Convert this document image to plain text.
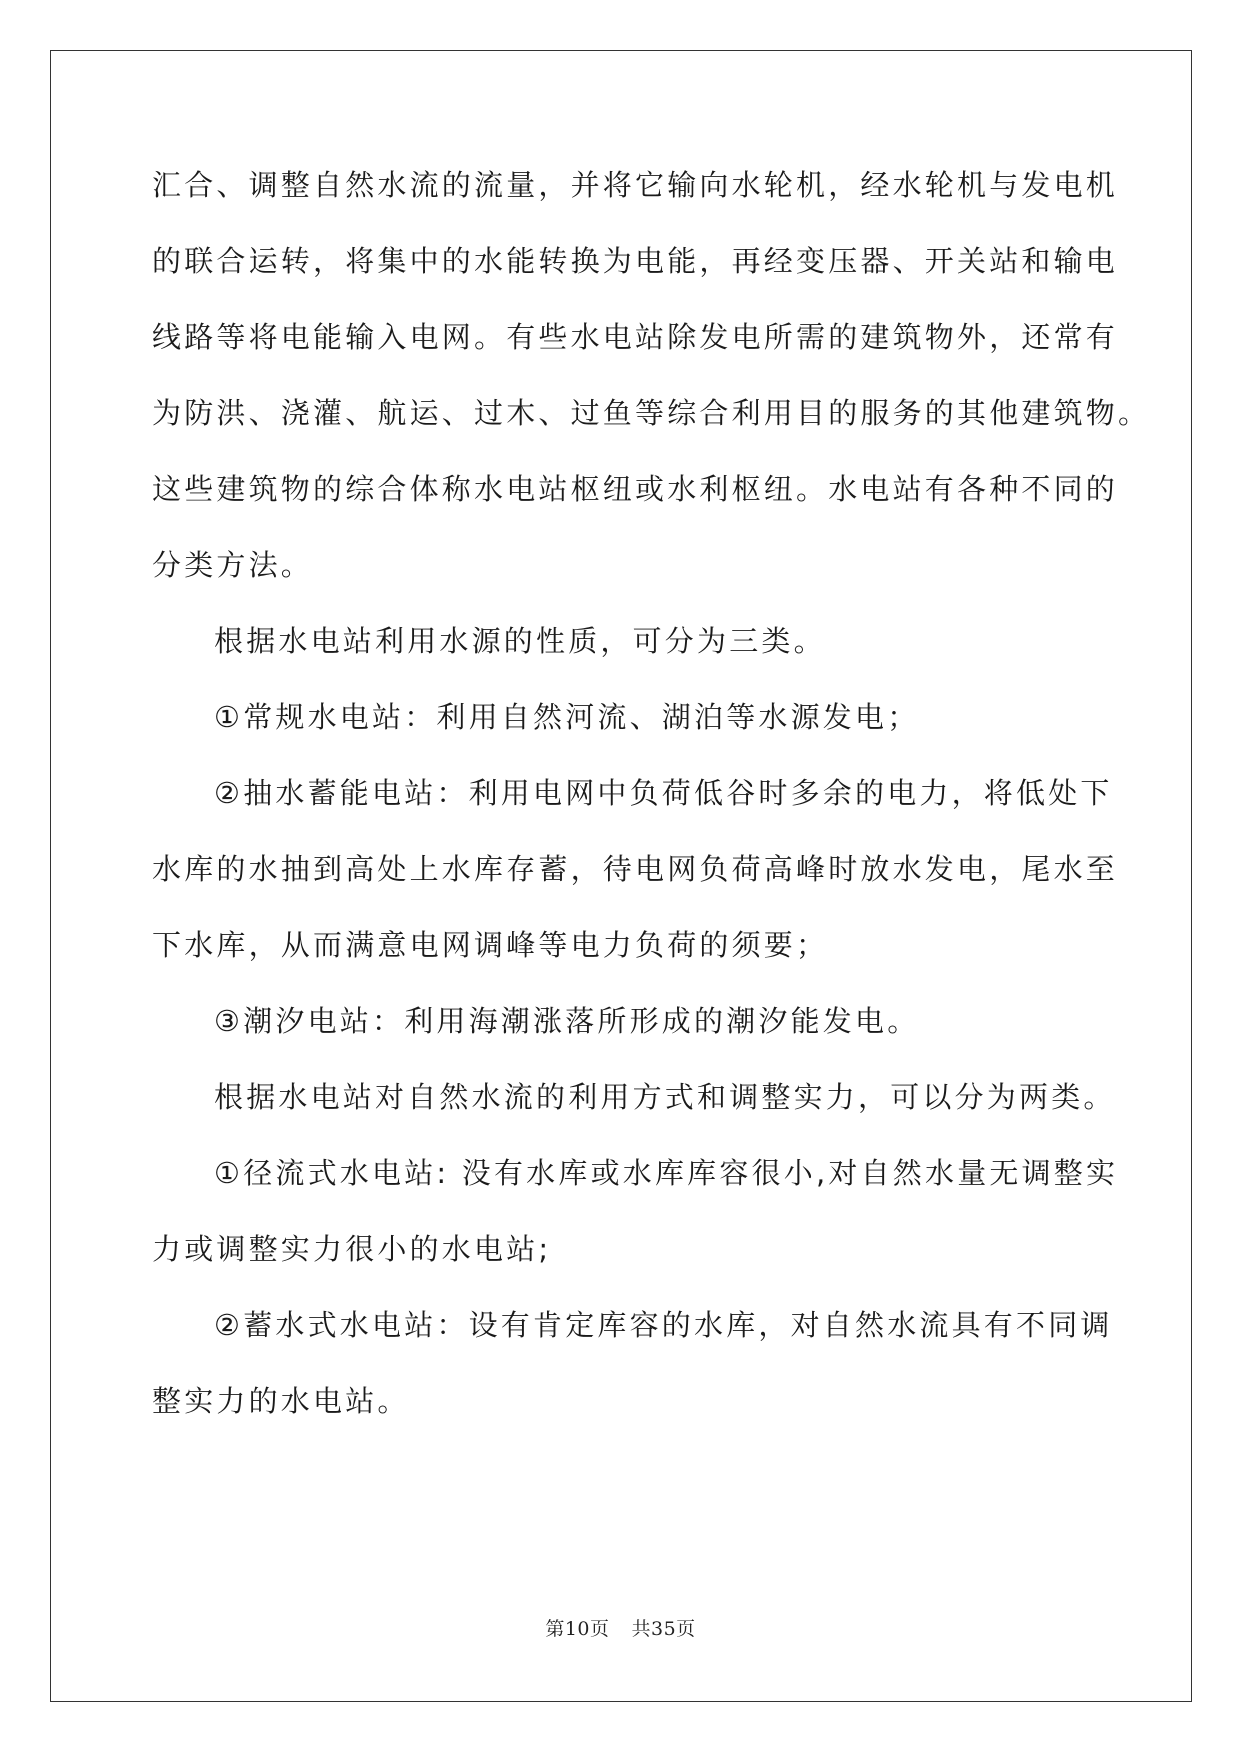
汇合、调整自然水流的流量，并将它输向水轮机，经水轮机与发电机
的联合运转，将集中的水能转换为电能，再经变压器、开关站和输电
线路等将电能输入电网。有些水电站除发电所需的建筑物外，还常有
为防洪、浇灌、航运、过木、过鱼等综合利用目的服务的其他建筑物。
这些建筑物的综合体称水电站枢纽或水利枢纽。水电站有各种不同的
分类方法。
根据水电站利用水源的性质，可分为三类。
①常规水电站：利用自然河流、湖泊等水源发电；
②抽水蓄能电站：利用电网中负荷低谷时多余的电力，将低处下
水库的水抽到高处上水库存蓄，待电网负荷高峰时放水发电，尾水至
下水库，从而满意电网调峰等电力负荷的须要；
③潮汐电站：利用海潮涨落所形成的潮汐能发电。
根据水电站对自然水流的利用方式和调整实力，可以分为两类。
①径流式水电站: 没有水库或水库库容很小,对自然水量无调整实
力或调整实力很小的水电站;
②蓄水式水电站：设有肯定库容的水库，对自然水流具有不同调
整实力的水电站。
第10页 共35页
